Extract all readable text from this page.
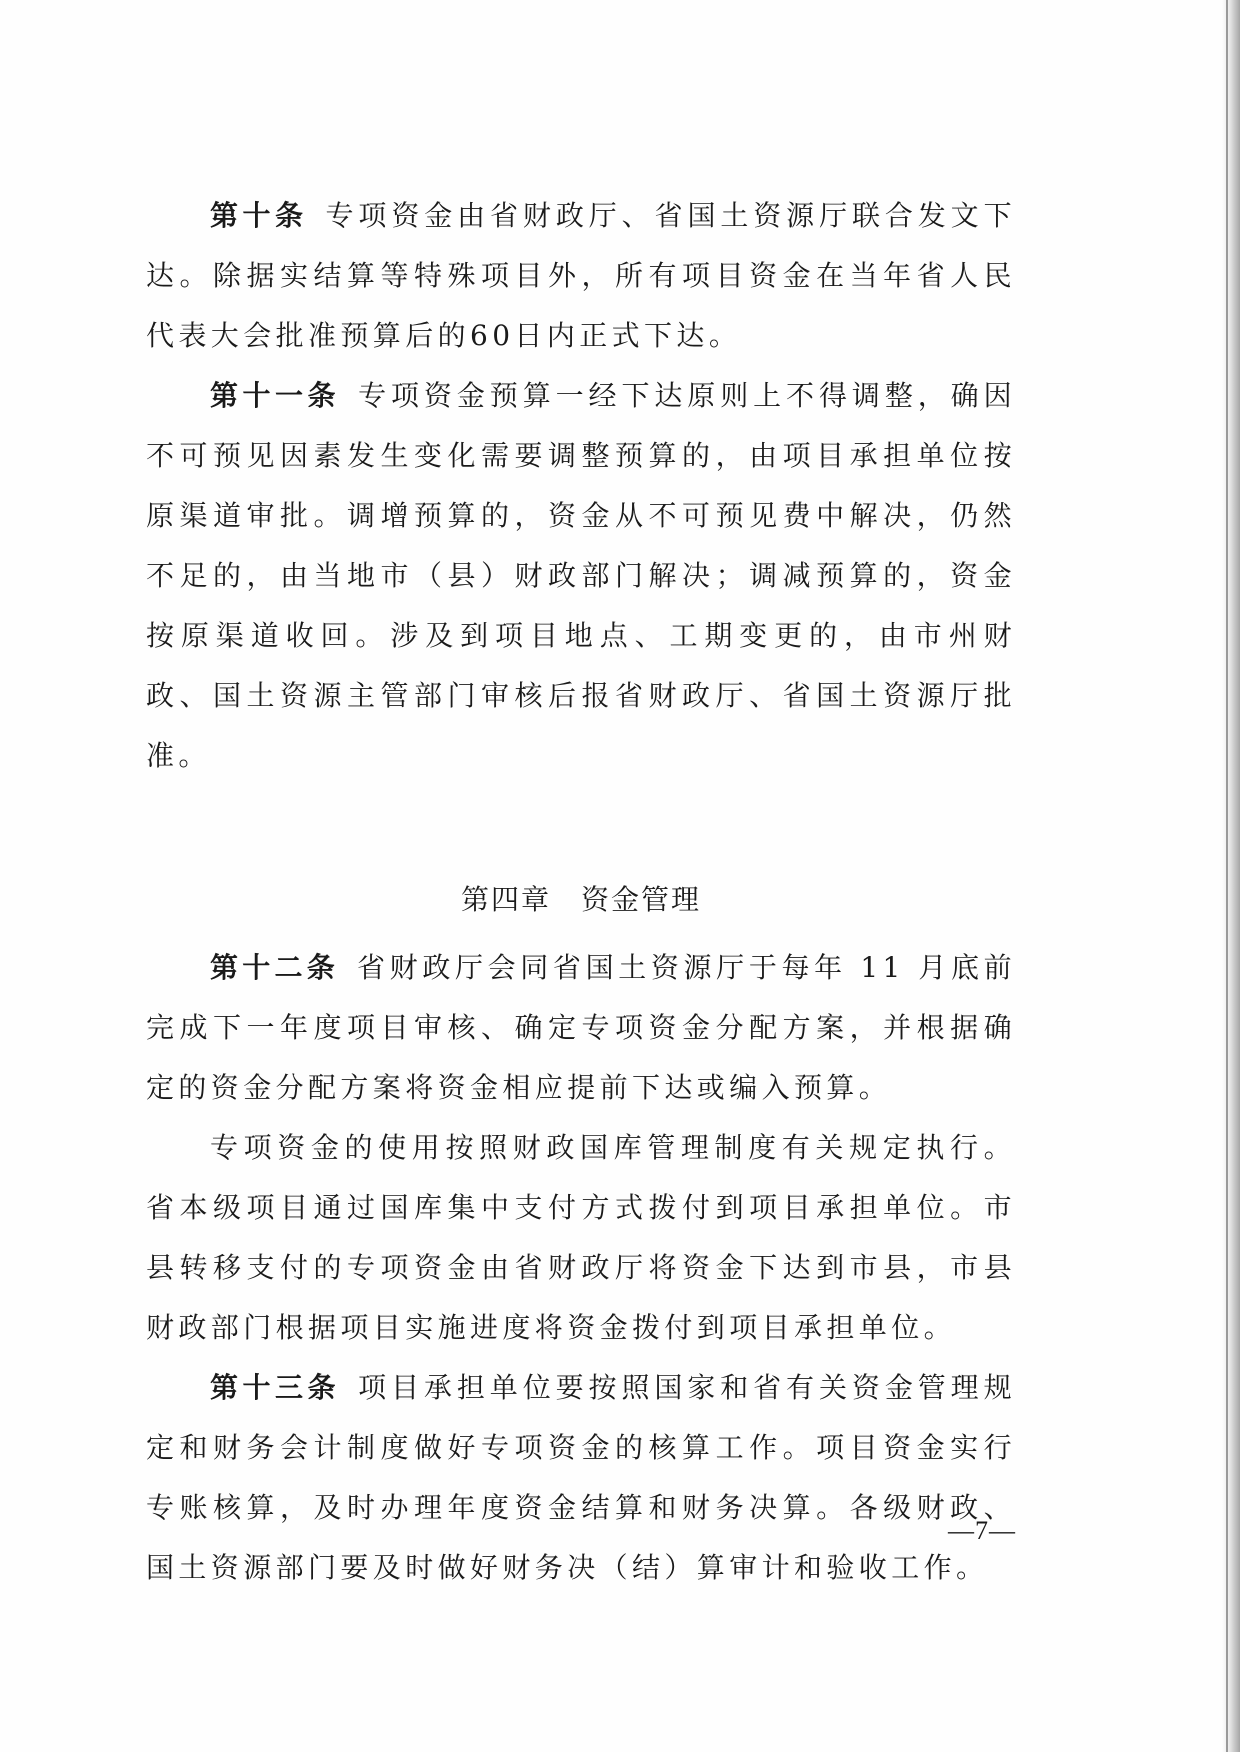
第十条 专项资金由省财政厅、省国土资源厅联合发文下达。除据实结算等特殊项目外，所有项目资金在当年省人民代表大会批准预算后的60日内正式下达。

第十一条 专项资金预算一经下达原则上不得调整，确因不可预见因素发生变化需要调整预算的，由项目承担单位按原渠道审批。调增预算的，资金从不可预见费中解决，仍然不足的，由当地市（县）财政部门解决；调减预算的，资金按原渠道收回。涉及到项目地点、工期变更的，由市州财政、国土资源主管部门审核后报省财政厅、省国土资源厅批准。

第四章 资金管理

第十二条 省财政厅会同省国土资源厅于每年 11 月底前完成下一年度项目审核、确定专项资金分配方案，并根据确定的资金分配方案将资金相应提前下达或编入预算。

专项资金的使用按照财政国库管理制度有关规定执行。省本级项目通过国库集中支付方式拨付到项目承担单位。市县转移支付的专项资金由省财政厅将资金下达到市县，市县财政部门根据项目实施进度将资金拨付到项目承担单位。

第十三条 项目承担单位要按照国家和省有关资金管理规定和财务会计制度做好专项资金的核算工作。项目资金实行专账核算，及时办理年度资金结算和财务决算。各级财政、国土资源部门要及时做好财务决（结）算审计和验收工作。

—7—
